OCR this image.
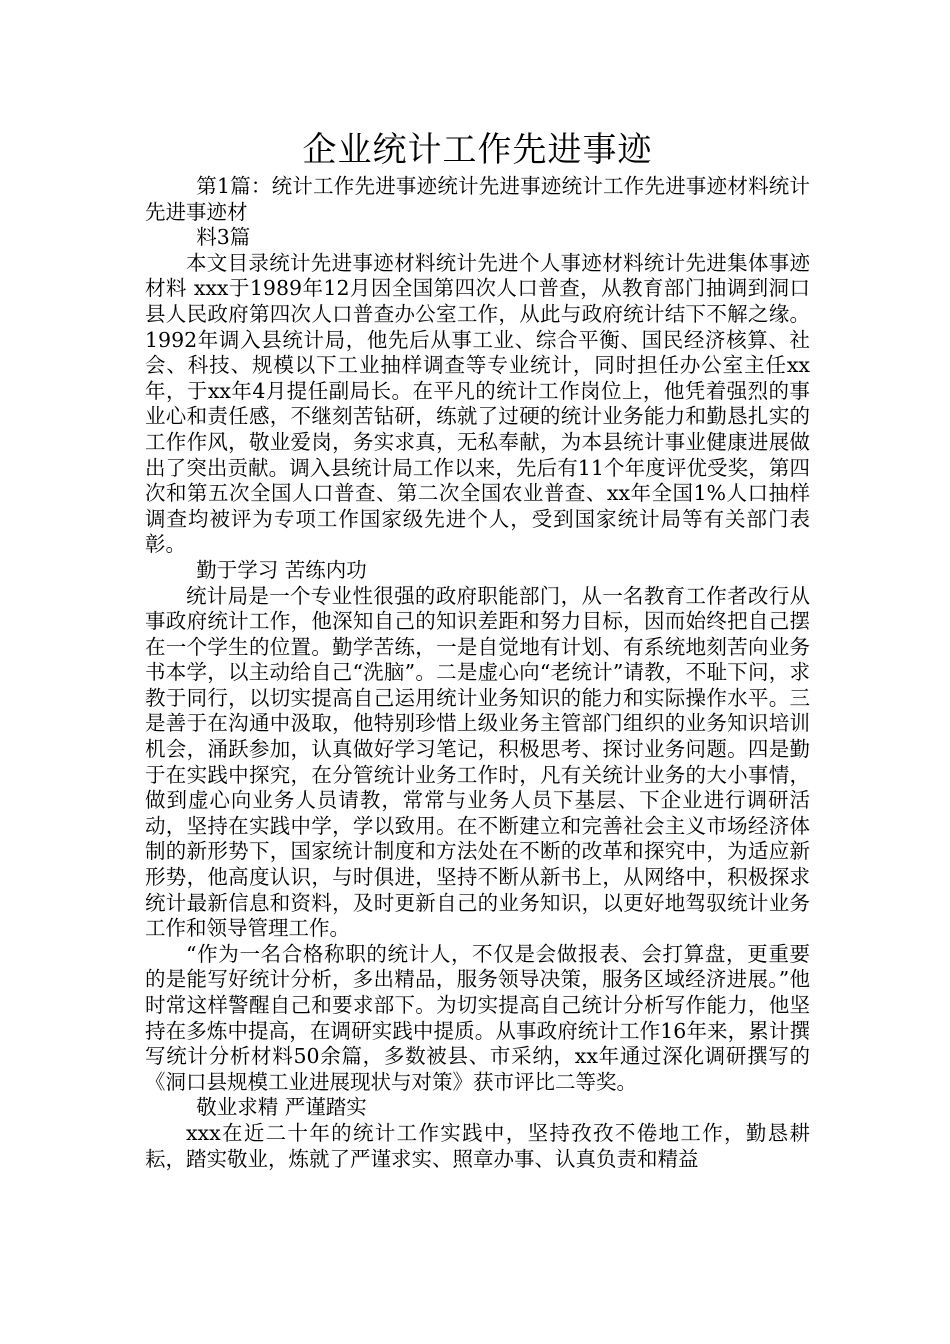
企业统计工作先进事迹

第1篇：统计工作先进事迹统计先进事迹统计工作先进事迹材料统计先进事迹材

料3篇

本文目录统计先进事迹材料统计先进个人事迹材料统计先进集体事迹材料 xxx于1989年12月因全国第四次人口普查，从教育部门抽调到洞口县人民政府第四次人口普查办公室工作，从此与政府统计结下不解之缘。1992年调入县统计局，他先后从事工业、综合平衡、国民经济核算、社会、科技、规模以下工业抽样调查等专业统计，同时担任办公室主任xx年，于xx年4月提任副局长。在平凡的统计工作岗位上，他凭着强烈的事业心和责任感，不继刻苦钻研，练就了过硬的统计业务能力和勤恳扎实的工作作风，敬业爱岗，务实求真，无私奉献，为本县统计事业健康进展做出了突出贡献。调入县统计局工作以来，先后有11个年度评优受奖，第四次和第五次全国人口普查、第二次全国农业普查、xx年全国1%人口抽样调查均被评为专项工作国家级先进个人，受到国家统计局等有关部门表彰。

勤于学习 苦练内功

统计局是一个专业性很强的政府职能部门，从一名教育工作者改行从事政府统计工作，他深知自己的知识差距和努力目标，因而始终把自己摆在一个学生的位置。勤学苦练，一是自觉地有计划、有系统地刻苦向业务书本学，以主动给自己“洗脑”。二是虚心向“老统计”请教，不耻下问，求教于同行，以切实提高自己运用统计业务知识的能力和实际操作水平。三是善于在沟通中汲取，他特别珍惜上级业务主管部门组织的业务知识培训机会，涌跃参加，认真做好学习笔记，积极思考、探讨业务问题。四是勤于在实践中探究，在分管统计业务工作时，凡有关统计业务的大小事情，做到虚心向业务人员请教，常常与业务人员下基层、下企业进行调研活动，坚持在实践中学，学以致用。在不断建立和完善社会主义市场经济体制的新形势下，国家统计制度和方法处在不断的改革和探究中，为适应新形势，他高度认识，与时俱进，坚持不断从新书上，从网络中，积极探求统计最新信息和资料，及时更新自己的业务知识，以更好地驾驭统计业务工作和领导管理工作。

“作为一名合格称职的统计人，不仅是会做报表、会打算盘，更重要的是能写好统计分析，多出精品，服务领导决策，服务区域经济进展。”他时常这样警醒自己和要求部下。为切实提高自己统计分析写作能力，他坚持在多炼中提高，在调研实践中提质。从事政府统计工作16年来，累计撰写统计分析材料50余篇，多数被县、市采纳，xx年通过深化调研撰写的《洞口县规模工业进展现状与对策》获市评比二等奖。

敬业求精 严谨踏实

xxx在近二十年的统计工作实践中，坚持孜孜不倦地工作，勤恳耕耘，踏实敬业，炼就了严谨求实、照章办事、认真负责和精益
